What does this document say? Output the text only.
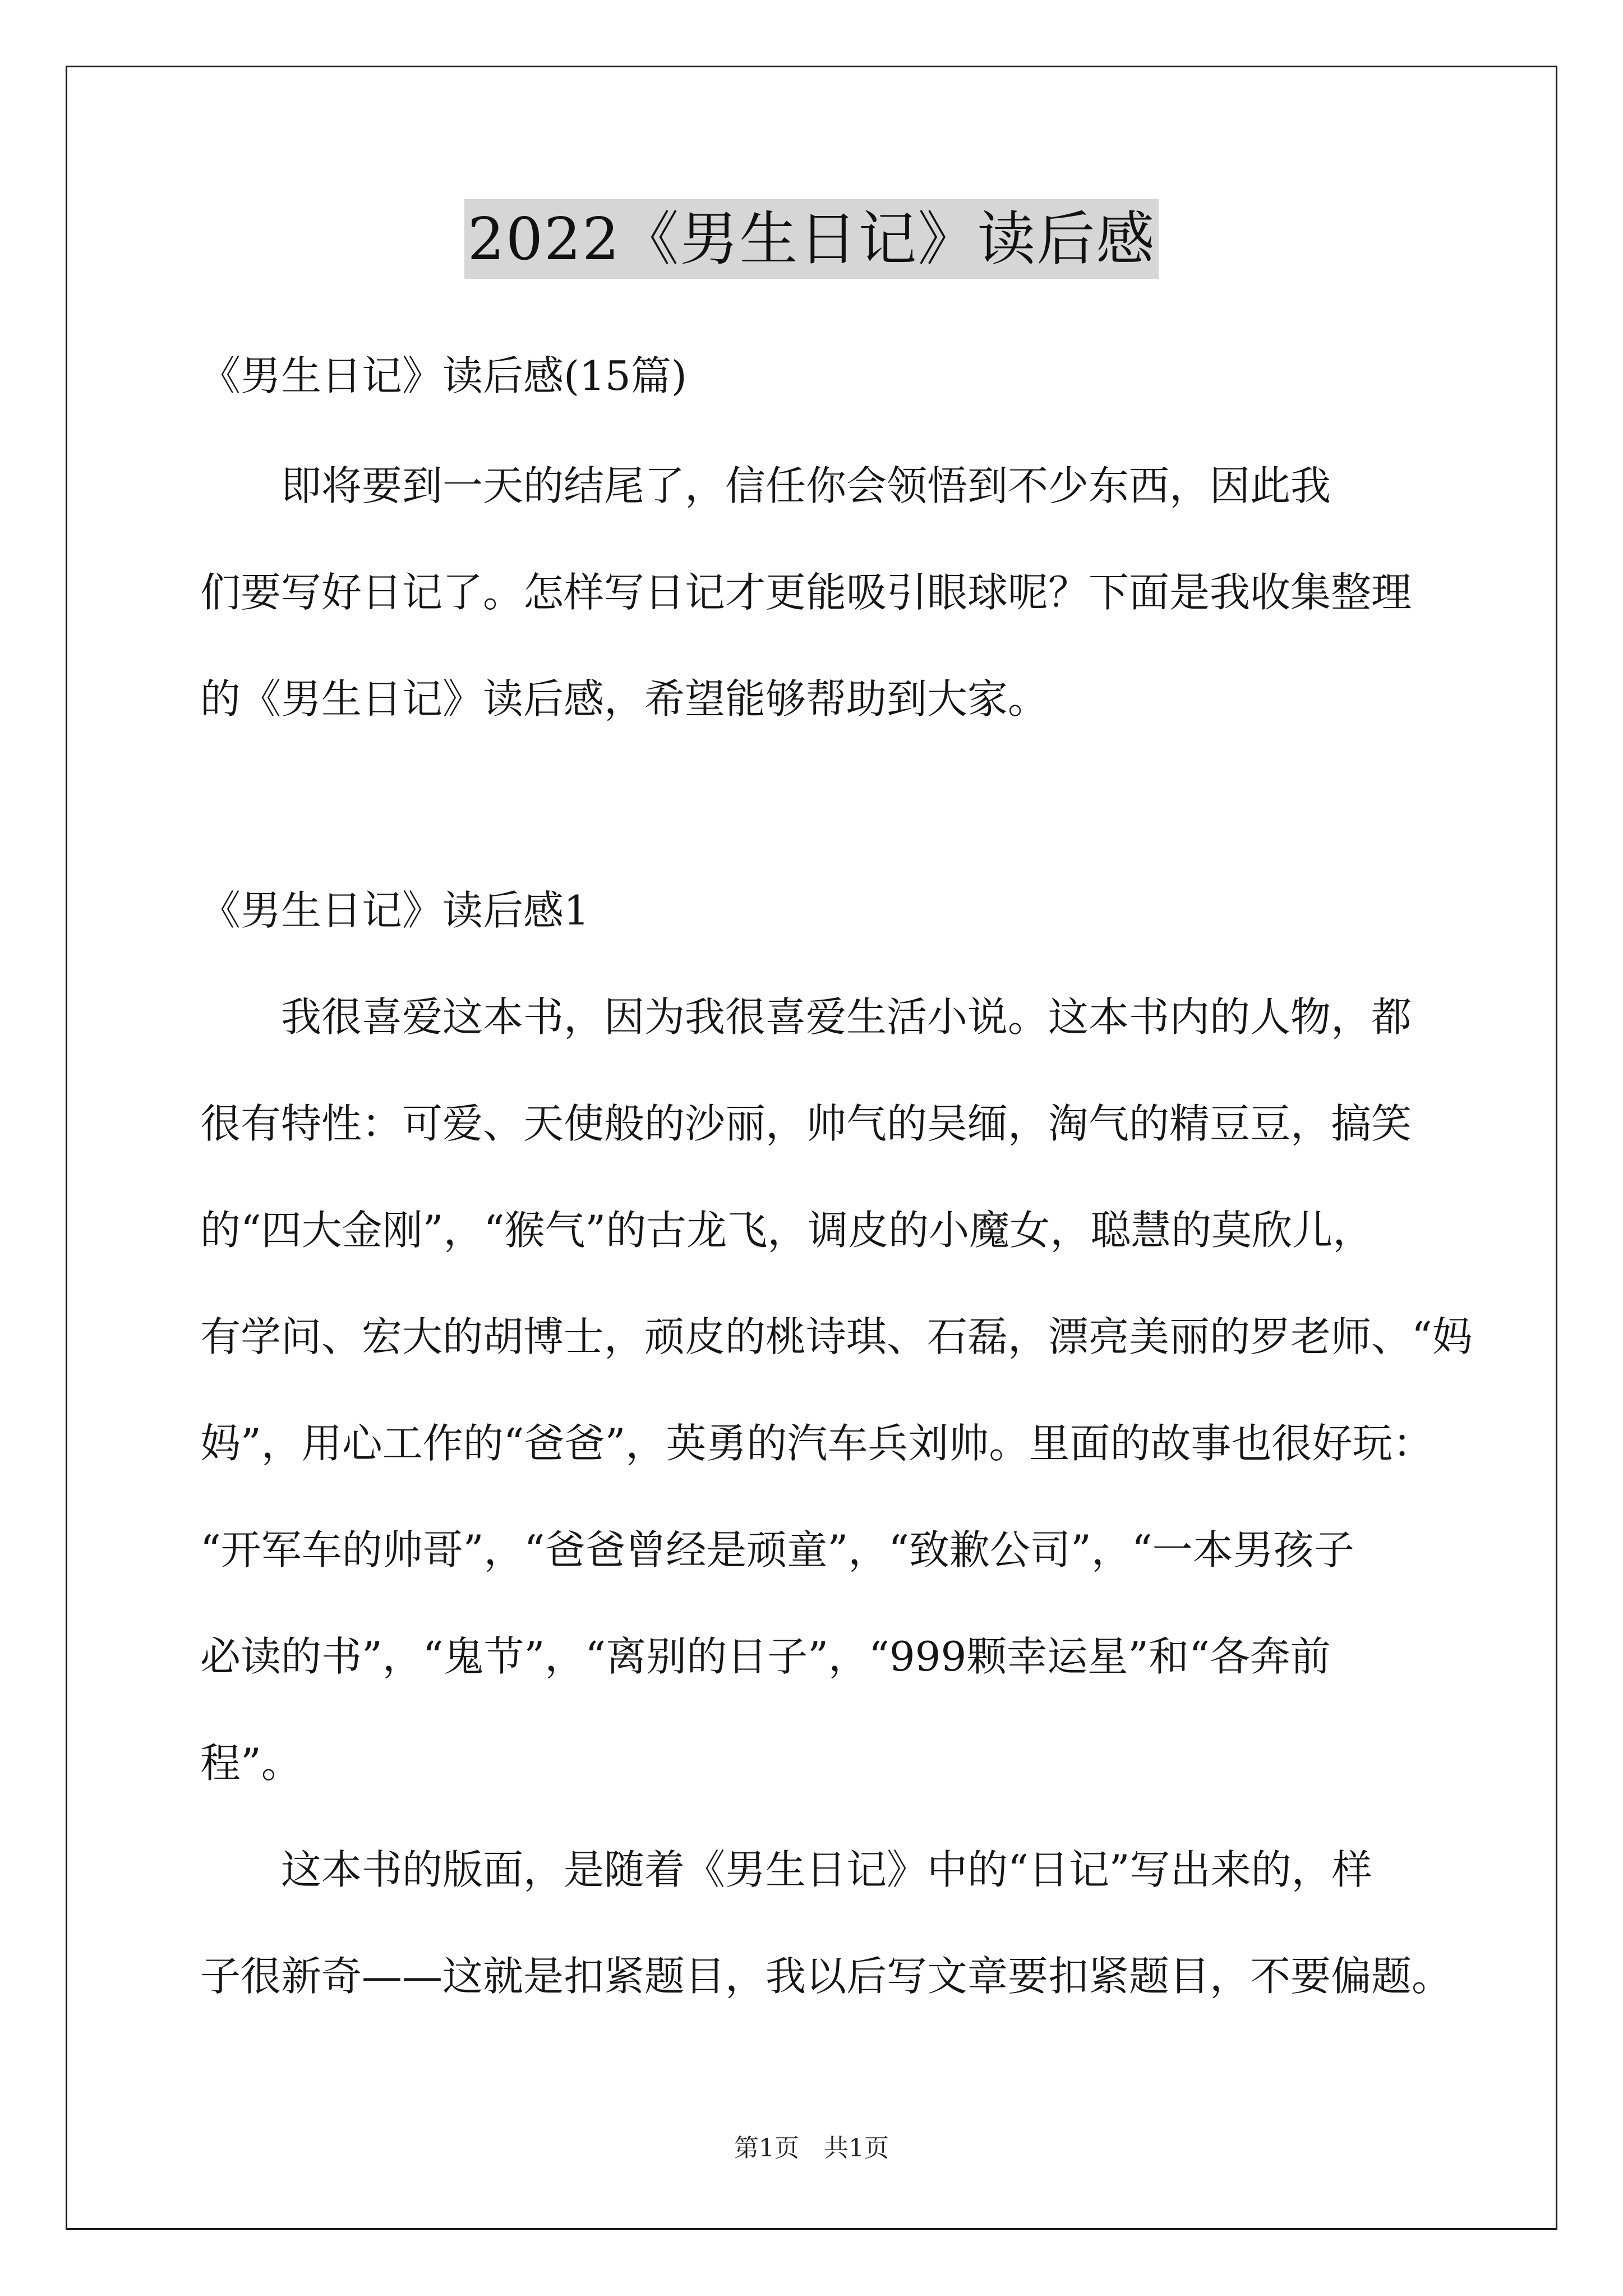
2022《男生日记》读后感
《男生日记》读后感(15篇)
　　即将要到一天的结尾了，信任你会领悟到不少东西，因此我
们要写好日记了。怎样写日记才更能吸引眼球呢？下面是我收集整理
的《男生日记》读后感，希望能够帮助到大家。
《男生日记》读后感1
　　我很喜爱这本书，因为我很喜爱生活小说。这本书内的人物，都
很有特性：可爱、天使般的沙丽，帅气的吴缅，淘气的精豆豆，搞笑
的“四大金刚”，“猴气”的古龙飞，调皮的小魔女，聪慧的莫欣儿，
有学问、宏大的胡博士，顽皮的桃诗琪、石磊，漂亮美丽的罗老师、“妈
妈”，用心工作的“爸爸”，英勇的汽车兵刘帅。里面的故事也很好玩：
“开军车的帅哥”，“爸爸曾经是顽童”，“致歉公司”，“一本男孩子
必读的书”，“鬼节”，“离别的日子”，“999颗幸运星”和“各奔前
程”。
　　这本书的版面，是随着《男生日记》中的“日记”写出来的，样
子很新奇——这就是扣紧题目，我以后写文章要扣紧题目，不要偏题。
第1页　共1页
